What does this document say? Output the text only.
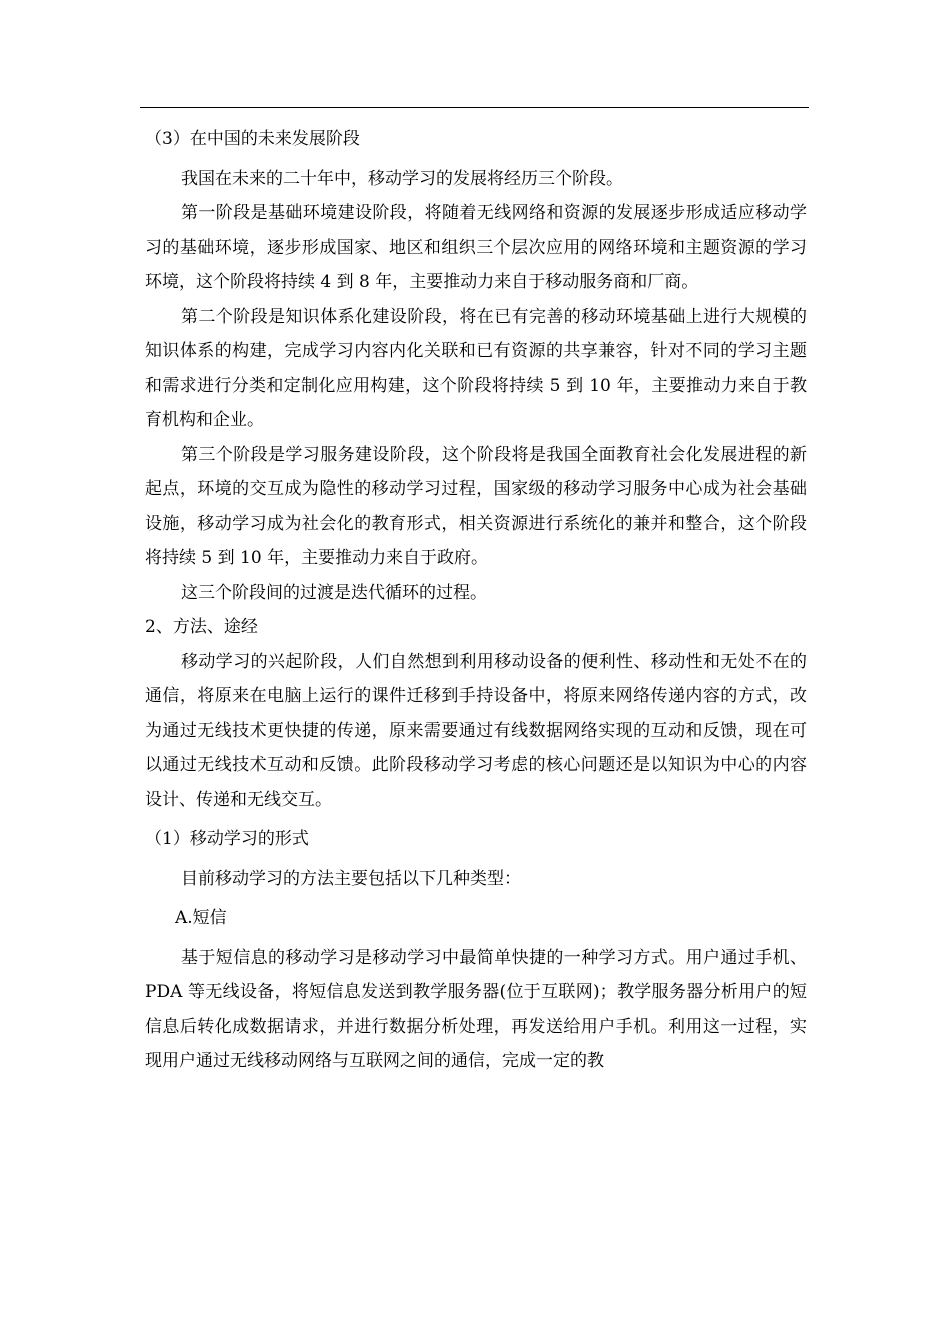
（3）在中国的未来发展阶段

我国在未来的二十年中，移动学习的发展将经历三个阶段。

第一阶段是基础环境建设阶段，将随着无线网络和资源的发展逐步形成适应移动学习的基础环境，逐步形成国家、地区和组织三个层次应用的网络环境和主题资源的学习环境，这个阶段将持续 4 到 8 年，主要推动力来自于移动服务商和厂商。

第二个阶段是知识体系化建设阶段，将在已有完善的移动环境基础上进行大规模的知识体系的构建，完成学习内容内化关联和已有资源的共享兼容，针对不同的学习主题和需求进行分类和定制化应用构建，这个阶段将持续 5 到 10 年，主要推动力来自于教育机构和企业。

第三个阶段是学习服务建设阶段，这个阶段将是我国全面教育社会化发展进程的新起点，环境的交互成为隐性的移动学习过程，国家级的移动学习服务中心成为社会基础设施，移动学习成为社会化的教育形式，相关资源进行系统化的兼并和整合，这个阶段将持续 5 到 10 年，主要推动力来自于政府。

这三个阶段间的过渡是迭代循环的过程。

2、方法、途经

移动学习的兴起阶段，人们自然想到利用移动设备的便利性、移动性和无处不在的通信，将原来在电脑上运行的课件迁移到手持设备中，将原来网络传递内容的方式，改为通过无线技术更快捷的传递，原来需要通过有线数据网络实现的互动和反馈，现在可以通过无线技术互动和反馈。此阶段移动学习考虑的核心问题还是以知识为中心的内容设计、传递和无线交互。

（1）移动学习的形式

目前移动学习的方法主要包括以下几种类型：

A.短信

基于短信息的移动学习是移动学习中最简单快捷的一种学习方式。用户通过手机、PDA 等无线设备，将短信息发送到教学服务器(位于互联网)；教学服务器分析用户的短信息后转化成数据请求，并进行数据分析处理，再发送给用户手机。利用这一过程，实现用户通过无线移动网络与互联网之间的通信，完成一定的教
